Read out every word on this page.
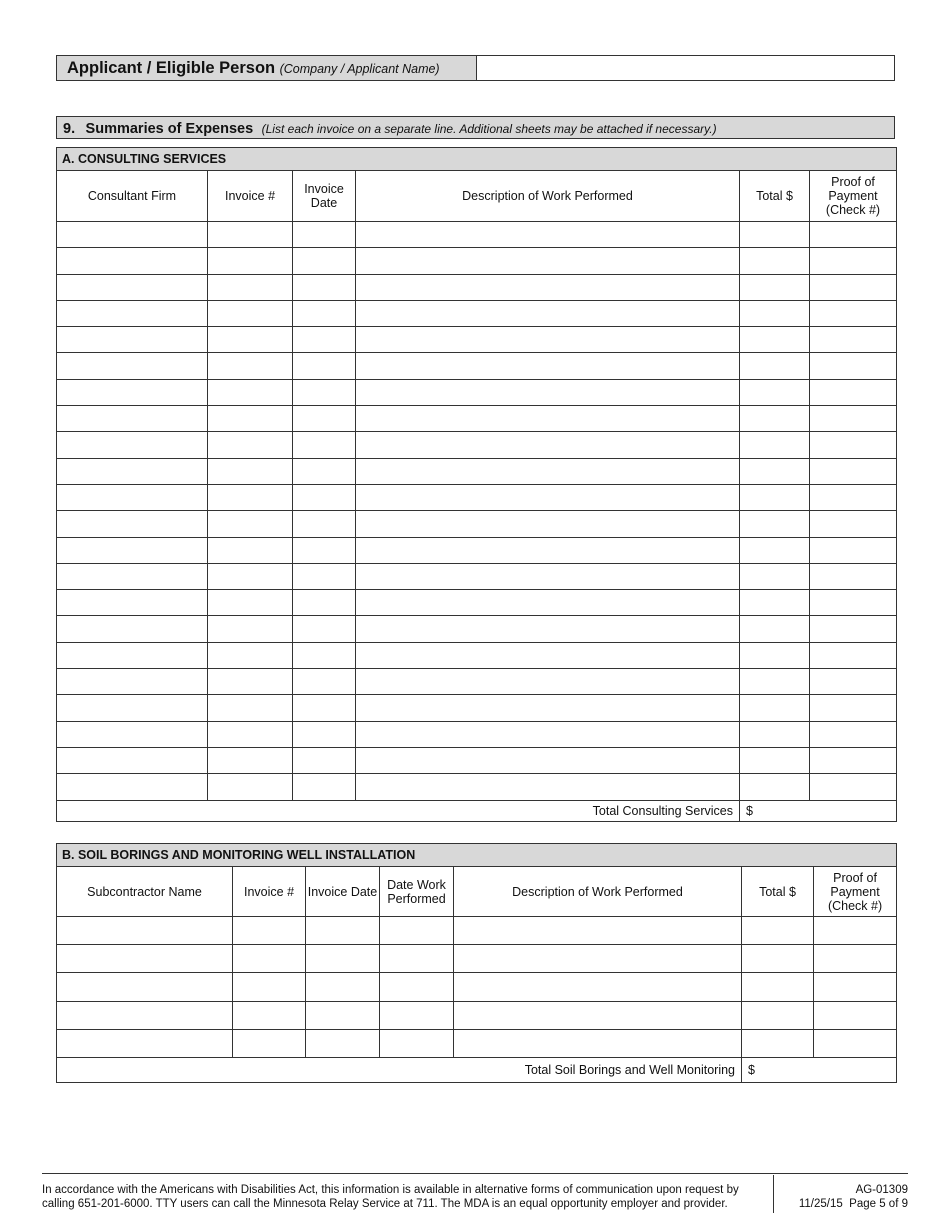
Applicant / Eligible Person (Company / Applicant Name)
9. Summaries of Expenses (List each invoice on a separate line. Additional sheets may be attached if necessary.)
A. CONSULTING SERVICES					
Consultant Firm	Invoice #	Invoice Date	Description of Work Performed	Total $	Proof of Payment (Check #)

Total Consulting Services				$	
B. SOIL BORINGS AND MONITORING WELL INSTALLATION						
Subcontractor Name	Invoice #	Invoice Date	Date Work Performed	Description of Work Performed	Total $	Proof of Payment (Check #)

Total Soil Borings and Well Monitoring					$	
In accordance with the Americans with Disabilities Act, this information is available in alternative forms of communication upon request by calling 651-201-6000. TTY users can call the Minnesota Relay Service at 711. The MDA is an equal opportunity employer and provider.
AG-01309
11/25/15  Page 5 of 9
